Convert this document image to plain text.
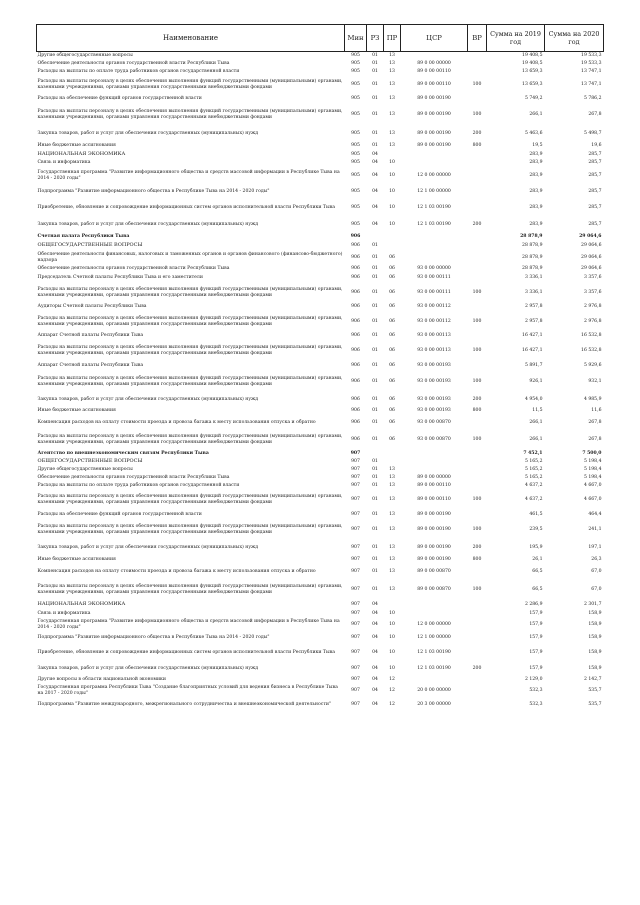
Наименование	Мин	РЗ	ПР	ЦСР	ВР	Сумма на 2019 год	Сумма на 2020 год
Другие общегосударственные вопросы	905	01	13			19 408,5	19 533,3
Обеспечение деятельности органов государственной власти Республики Тыва	905	01	13	89 0 00 00000		19 408,5	19 533,3
Расходы на выплаты по оплате труда работников органов государственной власти	905	01	13	89 0 00 00110		13 659,3	13 747,1
Расходы на выплаты персоналу в целях обеспечения выполнения функций государственными (муниципальными) органами, казенными учреждениями, органами управления государственными внебюджетными фондами	905	01	13	89 0 00 00110	100	13 659,3	13 747,1
Расходы на обеспечение функций органов государственной власти	905	01	13	89 0 00 00190		5 749,2	5 786,2
Расходы на выплаты персоналу в целях обеспечения выполнения функций государственными (муниципальными) органами, казенными учреждениями, органами управления государственными внебюджетными фондами	905	01	13	89 0 00 00190	100	266,1	267,8
Закупка товаров, работ и услуг для обеспечения государственных (муниципальных) нужд	905	01	13	89 0 00 00190	200	5 463,6	5 498,7
Иные бюджетные ассигнования	905	01	13	89 0 00 00190	800	19,5	19,6
НАЦИОНАЛЬНАЯ ЭКОНОМИКА	905	04				283,9	285,7
Связь и информатика	905	04	10			283,9	285,7
Государственная программа "Развитие информационного общества и средств массовой информации в Республике Тыва на 2014 - 2020 годы"	905	04	10	12 0 00 00000		283,9	285,7
Подпрограмма "Развитие информационного общества в Республике Тыва на 2014 - 2020 годы"	905	04	10	12 1 00 00000		283,9	285,7
Приобретение, обновление и сопровождение информационных систем органов исполнительной власти Республики Тыва	905	04	10	12 1 03 00190		283,9	285,7
Закупка товаров, работ и услуг для обеспечения государственных (муниципальных) нужд	905	04	10	12 1 03 00190	200	283,9	285,7
Счетная палата Республики Тыва	906					28 878,9	29 064,6
ОБЩЕГОСУДАРСТВЕННЫЕ ВОПРОСЫ	906	01				28 878,9	29 064,6
Обеспечение деятельности финансовых, налоговых и таможенных органов и органов финансового (финансово-бюджетного) надзора	906	01	06			28 878,9	29 064,6
Обеспечение деятельности органов государственной власти Республики Тыва	906	01	06	93 0 00 00000		28 878,9	29 064,6
Председатель Счетной палаты Республики Тыва и его заместители	906	01	06	93 0 00 00111		3 336,1	3 357,6
Расходы на выплаты персоналу в целях обеспечения выполнения функций государственными (муниципальными) органами, казенными учреждениями, органами управления государственными внебюджетными фондами	906	01	06	93 0 00 00111	100	3 336,1	3 357,6
Аудиторы Счетной палаты Республики Тыва	906	01	06	93 0 00 00112		2 957,8	2 976,8
Расходы на выплаты персоналу в целях обеспечения выполнения функций государственными (муниципальными) органами, казенными учреждениями, органами управления государственными внебюджетными фондами	906	01	06	93 0 00 00112	100	2 957,8	2 976,8
Аппарат Счетной палаты Республики Тыва	906	01	06	93 0 00 00113		16 427,1	16 532,8
Расходы на выплаты персоналу в целях обеспечения выполнения функций государственными (муниципальными) органами, казенными учреждениями, органами управления государственными внебюджетными фондами	906	01	06	93 0 00 00113	100	16 427,1	16 532,8
Аппарат Счетной палаты Республики Тыва	906	01	06	93 0 00 00193		5 891,7	5 929,6
Расходы на выплаты персоналу в целях обеспечения выполнения функций государственными (муниципальными) органами, казенными учреждениями, органами управления государственными внебюджетными фондами	906	01	06	93 0 00 00193	100	926,1	932,1
Закупка товаров, работ и услуг для обеспечения государственных (муниципальных) нужд	906	01	06	93 0 00 00193	200	4 954,0	4 985,9
Иные бюджетные ассигнования	906	01	06	93 0 00 00193	800	11,5	11,6
Компенсация расходов на оплату стоимости проезда и провоза багажа к месту использования отпуска и обратно	906	01	06	93 0 00 00870		266,1	267,8
Расходы на выплаты персоналу в целях обеспечения выполнения функций государственными (муниципальными) органами, казенными учреждениями, органами управления государственными внебюджетными фондами	906	01	06	93 0 00 00870	100	266,1	267,8
Агентство по внешнеэкономическим связям Республики Тыва	907					7 452,1	7 500,0
ОБЩЕГОСУДАРСТВЕННЫЕ ВОПРОСЫ	907	01				5 165,2	5 198,4
Другие общегосударственные вопросы	907	01	13			5 165,2	5 198,4
Обеспечение деятельности органов государственной власти Республики Тыва	907	01	13	89 0 00 00000		5 165,2	5 198,4
Расходы на выплаты по оплате труда работников органов государственной власти	907	01	13	89 0 00 00110		4 637,2	4 667,0
Расходы на выплаты персоналу в целях обеспечения выполнения функций государственными (муниципальными) органами, казенными учреждениями, органами управления государственными внебюджетными фондами	907	01	13	89 0 00 00110	100	4 637,2	4 667,0
Расходы на обеспечение функций органов государственной власти	907	01	13	89 0 00 00190		461,5	464,4
Расходы на выплаты персоналу в целях обеспечения выполнения функций государственными (муниципальными) органами, казенными учреждениями, органами управления государственными внебюджетными фондами	907	01	13	89 0 00 00190	100	239,5	241,1
Закупка товаров, работ и услуг для обеспечения государственных (муниципальных) нужд	907	01	13	89 0 00 00190	200	195,9	197,1
Иные бюджетные ассигнования	907	01	13	89 0 00 00190	800	26,1	26,3
Компенсация расходов на оплату стоимости проезда и провоза багажа к месту использования отпуска и обратно	907	01	13	89 0 00 00870		66,5	67,0
Расходы на выплаты персоналу в целях обеспечения выполнения функций государственными (муниципальными) органами, казенными учреждениями, органами управления государственными внебюджетными фондами	907	01	13	89 0 00 00870	100	66,5	67,0
НАЦИОНАЛЬНАЯ ЭКОНОМИКА	907	04				2 286,9	2 301,7
Связь и информатика	907	04	10			157,9	158,9
Государственная программа "Развитие информационного общества и средств массовой информации в Республике Тыва на 2014 - 2020 годы"	907	04	10	12 0 00 00000		157,9	158,9
Подпрограмма "Развитие информационного общества в Республике Тыва на 2014 - 2020 годы"	907	04	10	12 1 00 00000		157,9	158,9
Приобретение, обновление и сопровождение информационных систем органов исполнительной власти Республики Тыва	907	04	10	12 1 03 00190		157,9	158,9
Закупка товаров, работ и услуг для обеспечения государственных (муниципальных) нужд	907	04	10	12 1 03 00190	200	157,9	158,9
Другие вопросы в области национальной экономики	907	04	12			2 129,0	2 142,7
Государственная программа Республики Тыва "Создание благоприятных условий для ведения бизнеса в Республике Тыва на 2017 - 2020 годы"	907	04	12	20 0 00 00000		532,3	535,7
Подпрограмма "Развитие международного, межрегионального сотрудничества и внешнеэкономической деятельности"	907	04	12	20 3 00 00000		532,3	535,7
